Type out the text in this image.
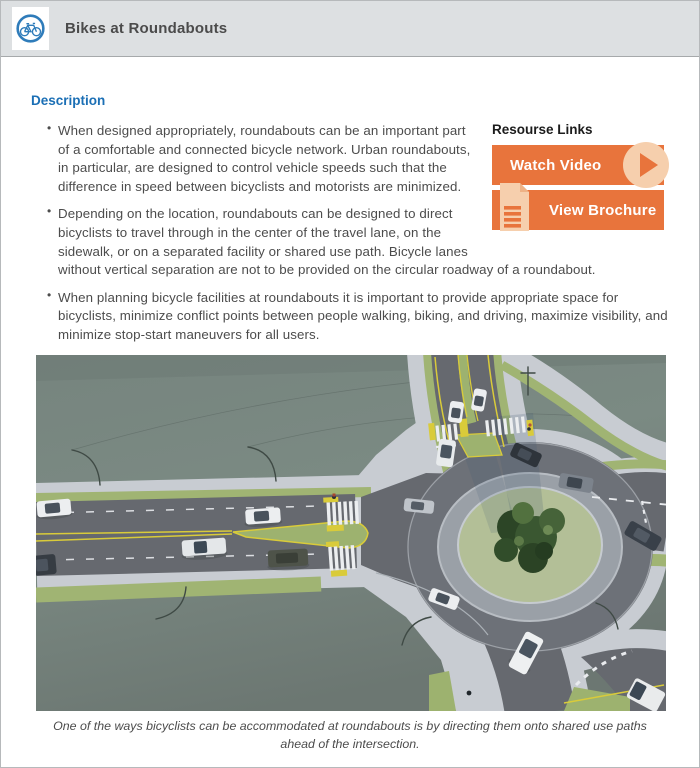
Bikes at Roundabouts
Description
Resourse Links
Watch Video
View Brochure
• When designed appropriately, roundabouts can be an important part of a comfortable and connected bicycle network. Urban roundabouts, in particular, are designed to control vehicle speeds such that the difference in speed between bicyclists and motorists are minimized.
• Depending on the location, roundabouts can be designed to direct bicyclists to travel through in the center of the travel lane, on the sidewalk, or on a separated facility or shared use path. Bicycle lanes without vertical separation are not to be provided on the circular roadway of a roundabout.
• When planning bicycle facilities at roundabouts it is important to provide appropriate space for bicyclists, minimize conflict points between people walking, biking, and driving, maximize visibility, and minimize stop-start maneuvers for all users.
One of the ways bicyclists can be accommodated at roundabouts is by directing them onto shared use paths ahead of the intersection.
